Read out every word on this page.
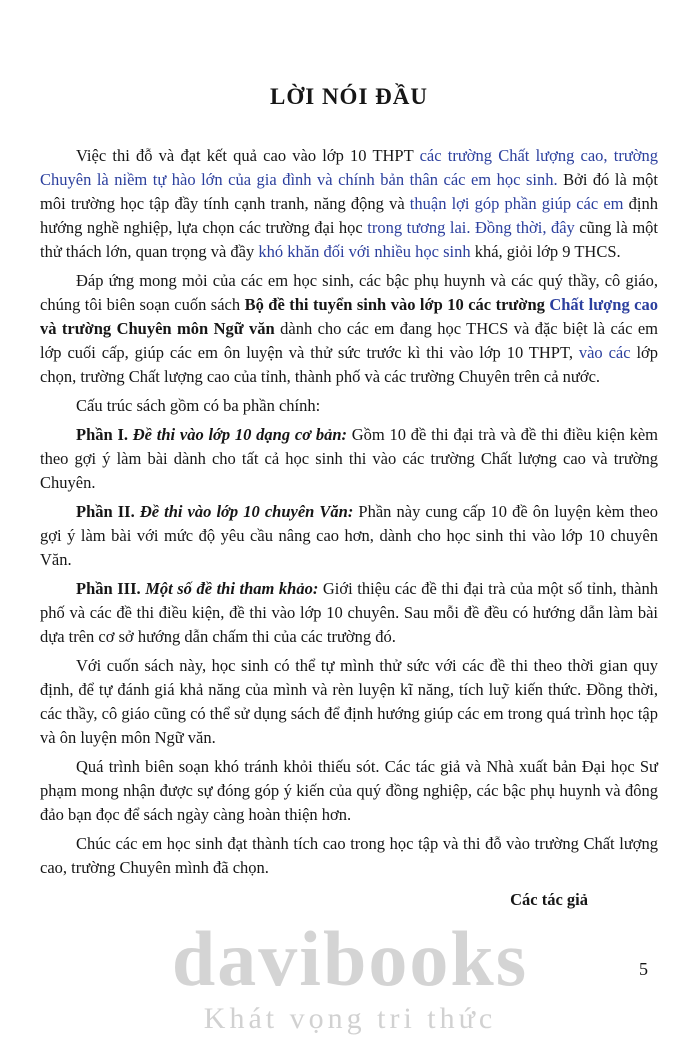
LỜI NÓI ĐẦU

Việc thi đỗ và đạt kết quả cao vào lớp 10 THPT các trường Chất lượng cao, trường Chuyên là niềm tự hào lớn của gia đình và chính bản thân các em học sinh. Bởi đó là một môi trường học tập đầy tính cạnh tranh, năng động và thuận lợi góp phần giúp các em định hướng nghề nghiệp, lựa chọn các trường đại học trong tương lai. Đồng thời, đây cũng là một thử thách lớn, quan trọng và đầy khó khăn đối với nhiều học sinh khá, giỏi lớp 9 THCS.

Đáp ứng mong mỏi của các em học sinh, các bậc phụ huynh và các quý thầy, cô giáo, chúng tôi biên soạn cuốn sách Bộ đề thi tuyển sinh vào lớp 10 các trường Chất lượng cao và trường Chuyên môn Ngữ văn dành cho các em đang học THCS và đặc biệt là các em lớp cuối cấp, giúp các em ôn luyện và thử sức trước kì thi vào lớp 10 THPT, vào các lớp chọn, trường Chất lượng cao của tỉnh, thành phố và các trường Chuyên trên cả nước.

Cấu trúc sách gồm có ba phần chính:

Phần I. Đề thi vào lớp 10 dạng cơ bản: Gồm 10 đề thi đại trà và đề thi điều kiện kèm theo gợi ý làm bài dành cho tất cả học sinh thi vào các trường Chất lượng cao và trường Chuyên.

Phần II. Đề thi vào lớp 10 chuyên Văn: Phần này cung cấp 10 đề ôn luyện kèm theo gợi ý làm bài với mức độ yêu cầu nâng cao hơn, dành cho học sinh thi vào lớp 10 chuyên Văn.

Phần III. Một số đề thi tham khảo: Giới thiệu các đề thi đại trà của một số tỉnh, thành phố và các đề thi điều kiện, đề thi vào lớp 10 chuyên. Sau mỗi đề đều có hướng dẫn làm bài dựa trên cơ sở hướng dẫn chấm thi của các trường đó.

Với cuốn sách này, học sinh có thể tự mình thử sức với các đề thi theo thời gian quy định, để tự đánh giá khả năng của mình và rèn luyện kĩ năng, tích luỹ kiến thức. Đồng thời, các thầy, cô giáo cũng có thể sử dụng sách để định hướng giúp các em trong quá trình học tập và ôn luyện môn Ngữ văn.

Quá trình biên soạn khó tránh khỏi thiếu sót. Các tác giả và Nhà xuất bản Đại học Sư phạm mong nhận được sự đóng góp ý kiến của quý đồng nghiệp, các bậc phụ huynh và đông đảo bạn đọc để sách ngày càng hoàn thiện hơn.

Chúc các em học sinh đạt thành tích cao trong học tập và thi đỗ vào trường Chất lượng cao, trường Chuyên mình đã chọn.

Các tác giả
davibooks
Khát vọng tri thức
5
